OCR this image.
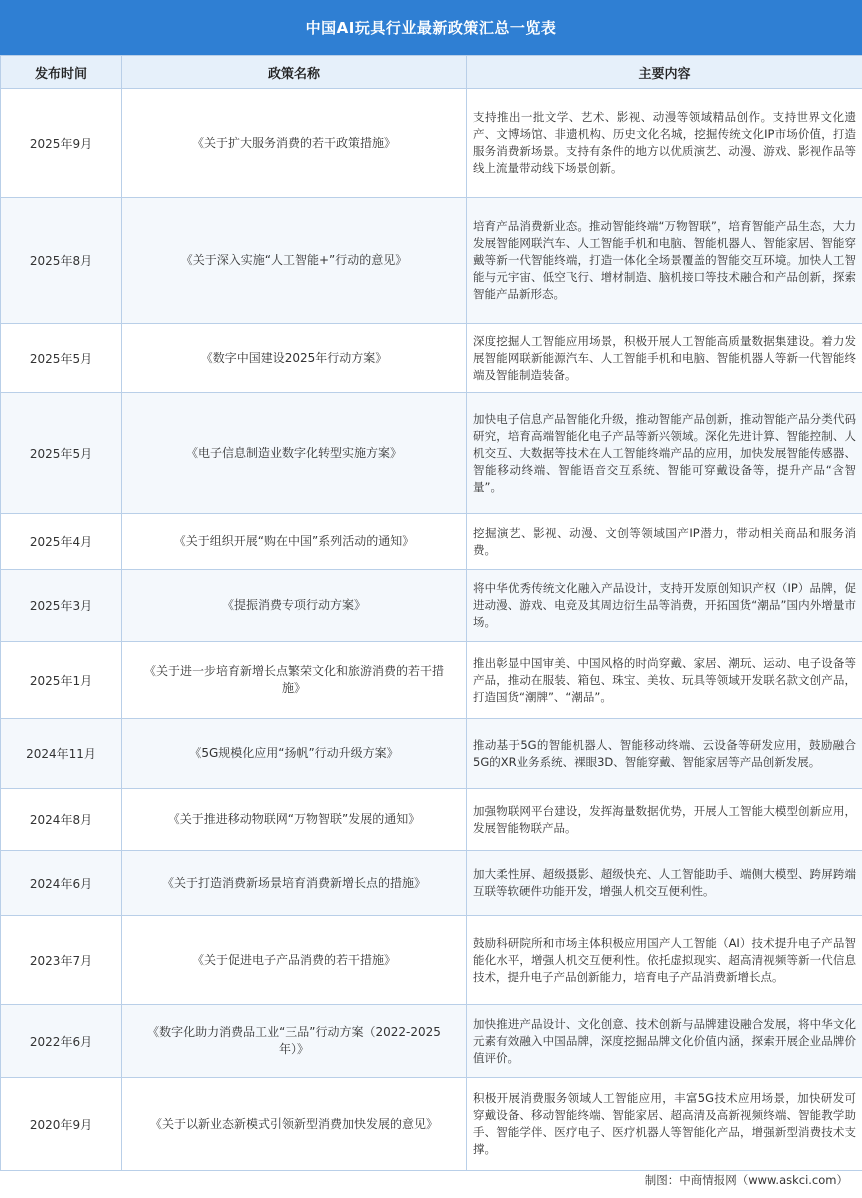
中国AI玩具行业最新政策汇总一览表
发布时间	政策名称	主要内容
2025年9月	《关于扩大服务消费的若干政策措施》	支持推出一批文学、艺术、影视、动漫等领域精品创作。支持世界文化遗产、文博场馆、非遗机构、历史文化名城，挖掘传统文化IP市场价值，打造服务消费新场景。支持有条件的地方以优质演艺、动漫、游戏、影视作品等线上流量带动线下场景创新。
2025年8月	《关于深入实施“人工智能+”行动的意见》	培育产品消费新业态。推动智能终端“万物智联”，培育智能产品生态，大力发展智能网联汽车、人工智能手机和电脑、智能机器人、智能家居、智能穿戴等新一代智能终端，打造一体化全场景覆盖的智能交互环境。加快人工智能与元宇宙、低空飞行、增材制造、脑机接口等技术融合和产品创新，探索智能产品新形态。
2025年5月	《数字中国建设2025年行动方案》	深度挖掘人工智能应用场景，积极开展人工智能高质量数据集建设。着力发展智能网联新能源汽车、人工智能手机和电脑、智能机器人等新一代智能终端及智能制造装备。
2025年5月	《电子信息制造业数字化转型实施方案》	加快电子信息产品智能化升级，推动智能产品创新，推动智能产品分类代码研究，培育高端智能化电子产品等新兴领域。深化先进计算、智能控制、人机交互、大数据等技术在人工智能终端产品的应用，加快发展智能传感器、智能移动终端、智能语音交互系统、智能可穿戴设备等，提升产品“含智量”。
2025年4月	《关于组织开展“购在中国”系列活动的通知》	挖掘演艺、影视、动漫、文创等领域国产IP潜力，带动相关商品和服务消费。
2025年3月	《提振消费专项行动方案》	将中华优秀传统文化融入产品设计，支持开发原创知识产权（IP）品牌，促进动漫、游戏、电竞及其周边衍生品等消费，开拓国货“潮品”国内外增量市场。
2025年1月	《关于进一步培育新增长点繁荣文化和旅游消费的若干措施》	推出彰显中国审美、中国风格的时尚穿戴、家居、潮玩、运动、电子设备等产品，推动在服装、箱包、珠宝、美妆、玩具等领域开发联名款文创产品，打造国货“潮牌”、“潮品”。
2024年11月	《5G规模化应用“扬帆”行动升级方案》	推动基于5G的智能机器人、智能移动终端、云设备等研发应用，鼓励融合5G的XR业务系统、裸眼3D、智能穿戴、智能家居等产品创新发展。
2024年8月	《关于推进移动物联网“万物智联”发展的通知》	加强物联网平台建设，发挥海量数据优势，开展人工智能大模型创新应用，发展智能物联产品。
2024年6月	《关于打造消费新场景培育消费新增长点的措施》	加大柔性屏、超级摄影、超级快充、人工智能助手、端侧大模型、跨屏跨端互联等软硬件功能开发，增强人机交互便利性。
2023年7月	《关于促进电子产品消费的若干措施》	鼓励科研院所和市场主体积极应用国产人工智能（AI）技术提升电子产品智能化水平，增强人机交互便利性。依托虚拟现实、超高清视频等新一代信息技术，提升电子产品创新能力，培育电子产品消费新增长点。
2022年6月	《数字化助力消费品工业“三品”行动方案（2022-2025年）》	加快推进产品设计、文化创意、技术创新与品牌建设融合发展，将中华文化元素有效融入中国品牌，深度挖掘品牌文化价值内涵，探索开展企业品牌价值评价。
2020年9月	《关于以新业态新模式引领新型消费加快发展的意见》	积极开展消费服务领域人工智能应用，丰富5G技术应用场景，加快研发可穿戴设备、移动智能终端、智能家居、超高清及高新视频终端、智能教学助手、智能学伴、医疗电子、医疗机器人等智能化产品，增强新型消费技术支撑。
制图：中商情报网（www.askci.com）
